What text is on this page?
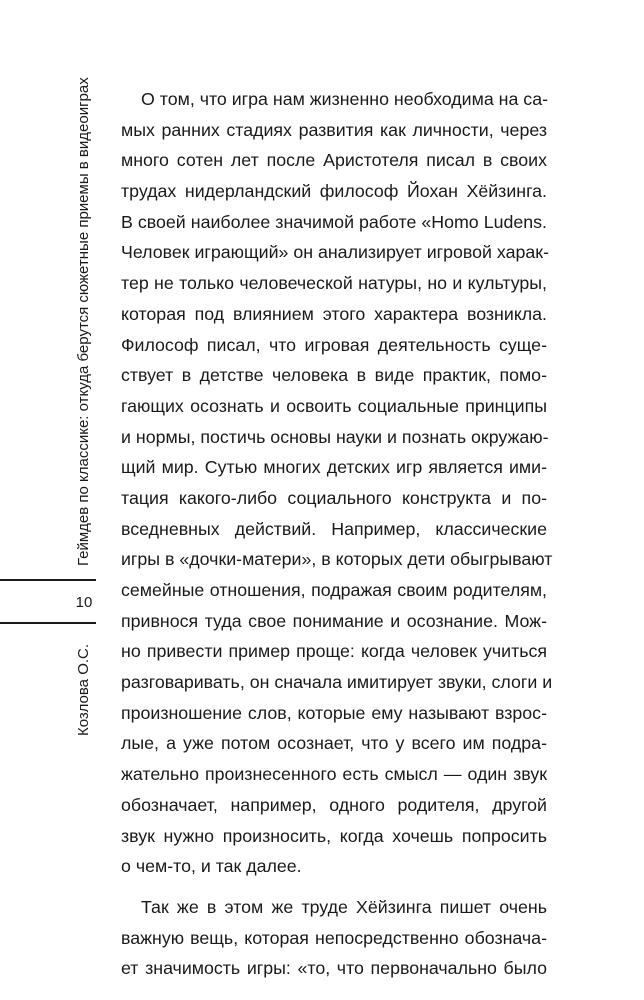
Геймдев по классике: откуда берутся сюжетные приемы в видеоиграх
10
Козлова О.С.
О том, что игра нам жизненно необходима на са-
мых ранних стадиях развития как личности, через
много сотен лет после Аристотеля писал в своих
трудах нидерландский философ Йохан Хёйзинга.
В своей наиболее значимой работе «Homo Ludens.
Человек играющий» он анализирует игровой харак-
тер не только человеческой натуры, но и культуры,
которая под влиянием этого характера возникла.
Философ писал, что игровая деятельность суще-
ствует в детстве человека в виде практик, помо-
гающих осознать и освоить социальные принципы
и нормы, постичь основы науки и познать окружаю-
щий мир. Сутью многих детских игр является ими-
тация какого-либо социального конструкта и по-
вседневных действий. Например, классические
игры в «дочки-матери», в которых дети обыгрывают
семейные отношения, подражая своим родителям,
привнося туда свое понимание и осознание. Мож-
но привести пример проще: когда человек учиться
разговаривать, он сначала имитирует звуки, слоги и
произношение слов, которые ему называют взрос-
лые, а уже потом осознает, что у всего им подра-
жательно произнесенного есть смысл — один звук
обозначает, например, одного родителя, другой
звук нужно произносить, когда хочешь попросить
о чем-то, и так далее.
Так же в этом же труде Хёйзинга пишет очень
важную вещь, которая непосредственно обознача-
ет значимость игры: «то, что первоначально было
